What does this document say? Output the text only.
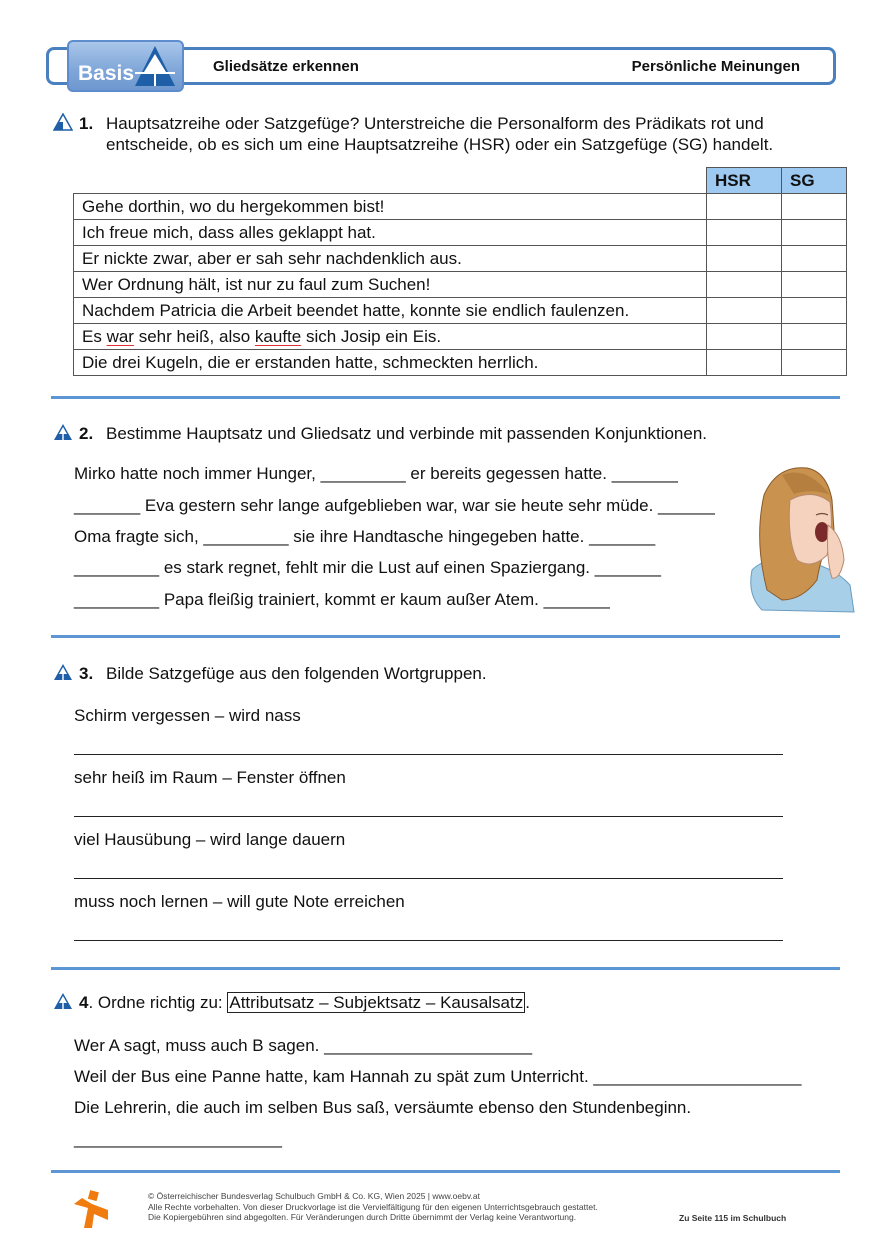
Basis	Gliedsätze erkennen	Persönliche Meinungen
1. Hauptsatzreihe oder Satzgefüge? Unterstreiche die Personalform des Prädikats rot und
entscheide, ob es sich um eine Hauptsatzreihe (HSR) oder ein Satzgefüge (SG) handelt.
	HSR	SG
Gehe dorthin, wo du hergekommen bist!		
Ich freue mich, dass alles geklappt hat.		
Er nickte zwar, aber er sah sehr nachdenklich aus.		
Wer Ordnung hält, ist nur zu faul zum Suchen!		
Nachdem Patricia die Arbeit beendet hatte, konnte sie endlich faulenzen.		
Es war sehr heiß, also kaufte sich Josip ein Eis.		
Die drei Kugeln, die er erstanden hatte, schmeckten herrlich.		
2. Bestimme Hauptsatz und Gliedsatz und verbinde mit passenden Konjunktionen.
Mirko hatte noch immer Hunger, _________ er bereits gegessen hatte. _______
_______ Eva gestern sehr lange aufgeblieben war, war sie heute sehr müde. ______
Oma fragte sich, _________ sie ihre Handtasche hingegeben hatte. _______
_________ es stark regnet, fehlt mir die Lust auf einen Spaziergang. _______
_________ Papa fleißig trainiert, kommt er kaum außer Atem. _______
3. Bilde Satzgefüge aus den folgenden Wortgruppen.
Schirm vergessen – wird nass
sehr heiß im Raum – Fenster öffnen
viel Hausübung – wird lange dauern
muss noch lernen – will gute Note erreichen
4. Ordne richtig zu: Attributsatz – Subjektsatz – Kausalsatz .
Wer A sagt, muss auch B sagen. ______________________
Weil der Bus eine Panne hatte, kam Hannah zu spät zum Unterricht. ______________________
Die Lehrerin, die auch im selben Bus saß, versäumte ebenso den Stundenbeginn.
______________________
© Österreichischer Bundesverlag Schulbuch GmbH & Co. KG, Wien 2025 | www.oebv.at
Alle Rechte vorbehalten. Von dieser Druckvorlage ist die Vervielfältigung für den eigenen Unterrichtsgebrauch gestattet.
Die Kopiergebühren sind abgegolten. Für Veränderungen durch Dritte übernimmt der Verlag keine Verantwortung.	Zu Seite 115 im Schulbuch
